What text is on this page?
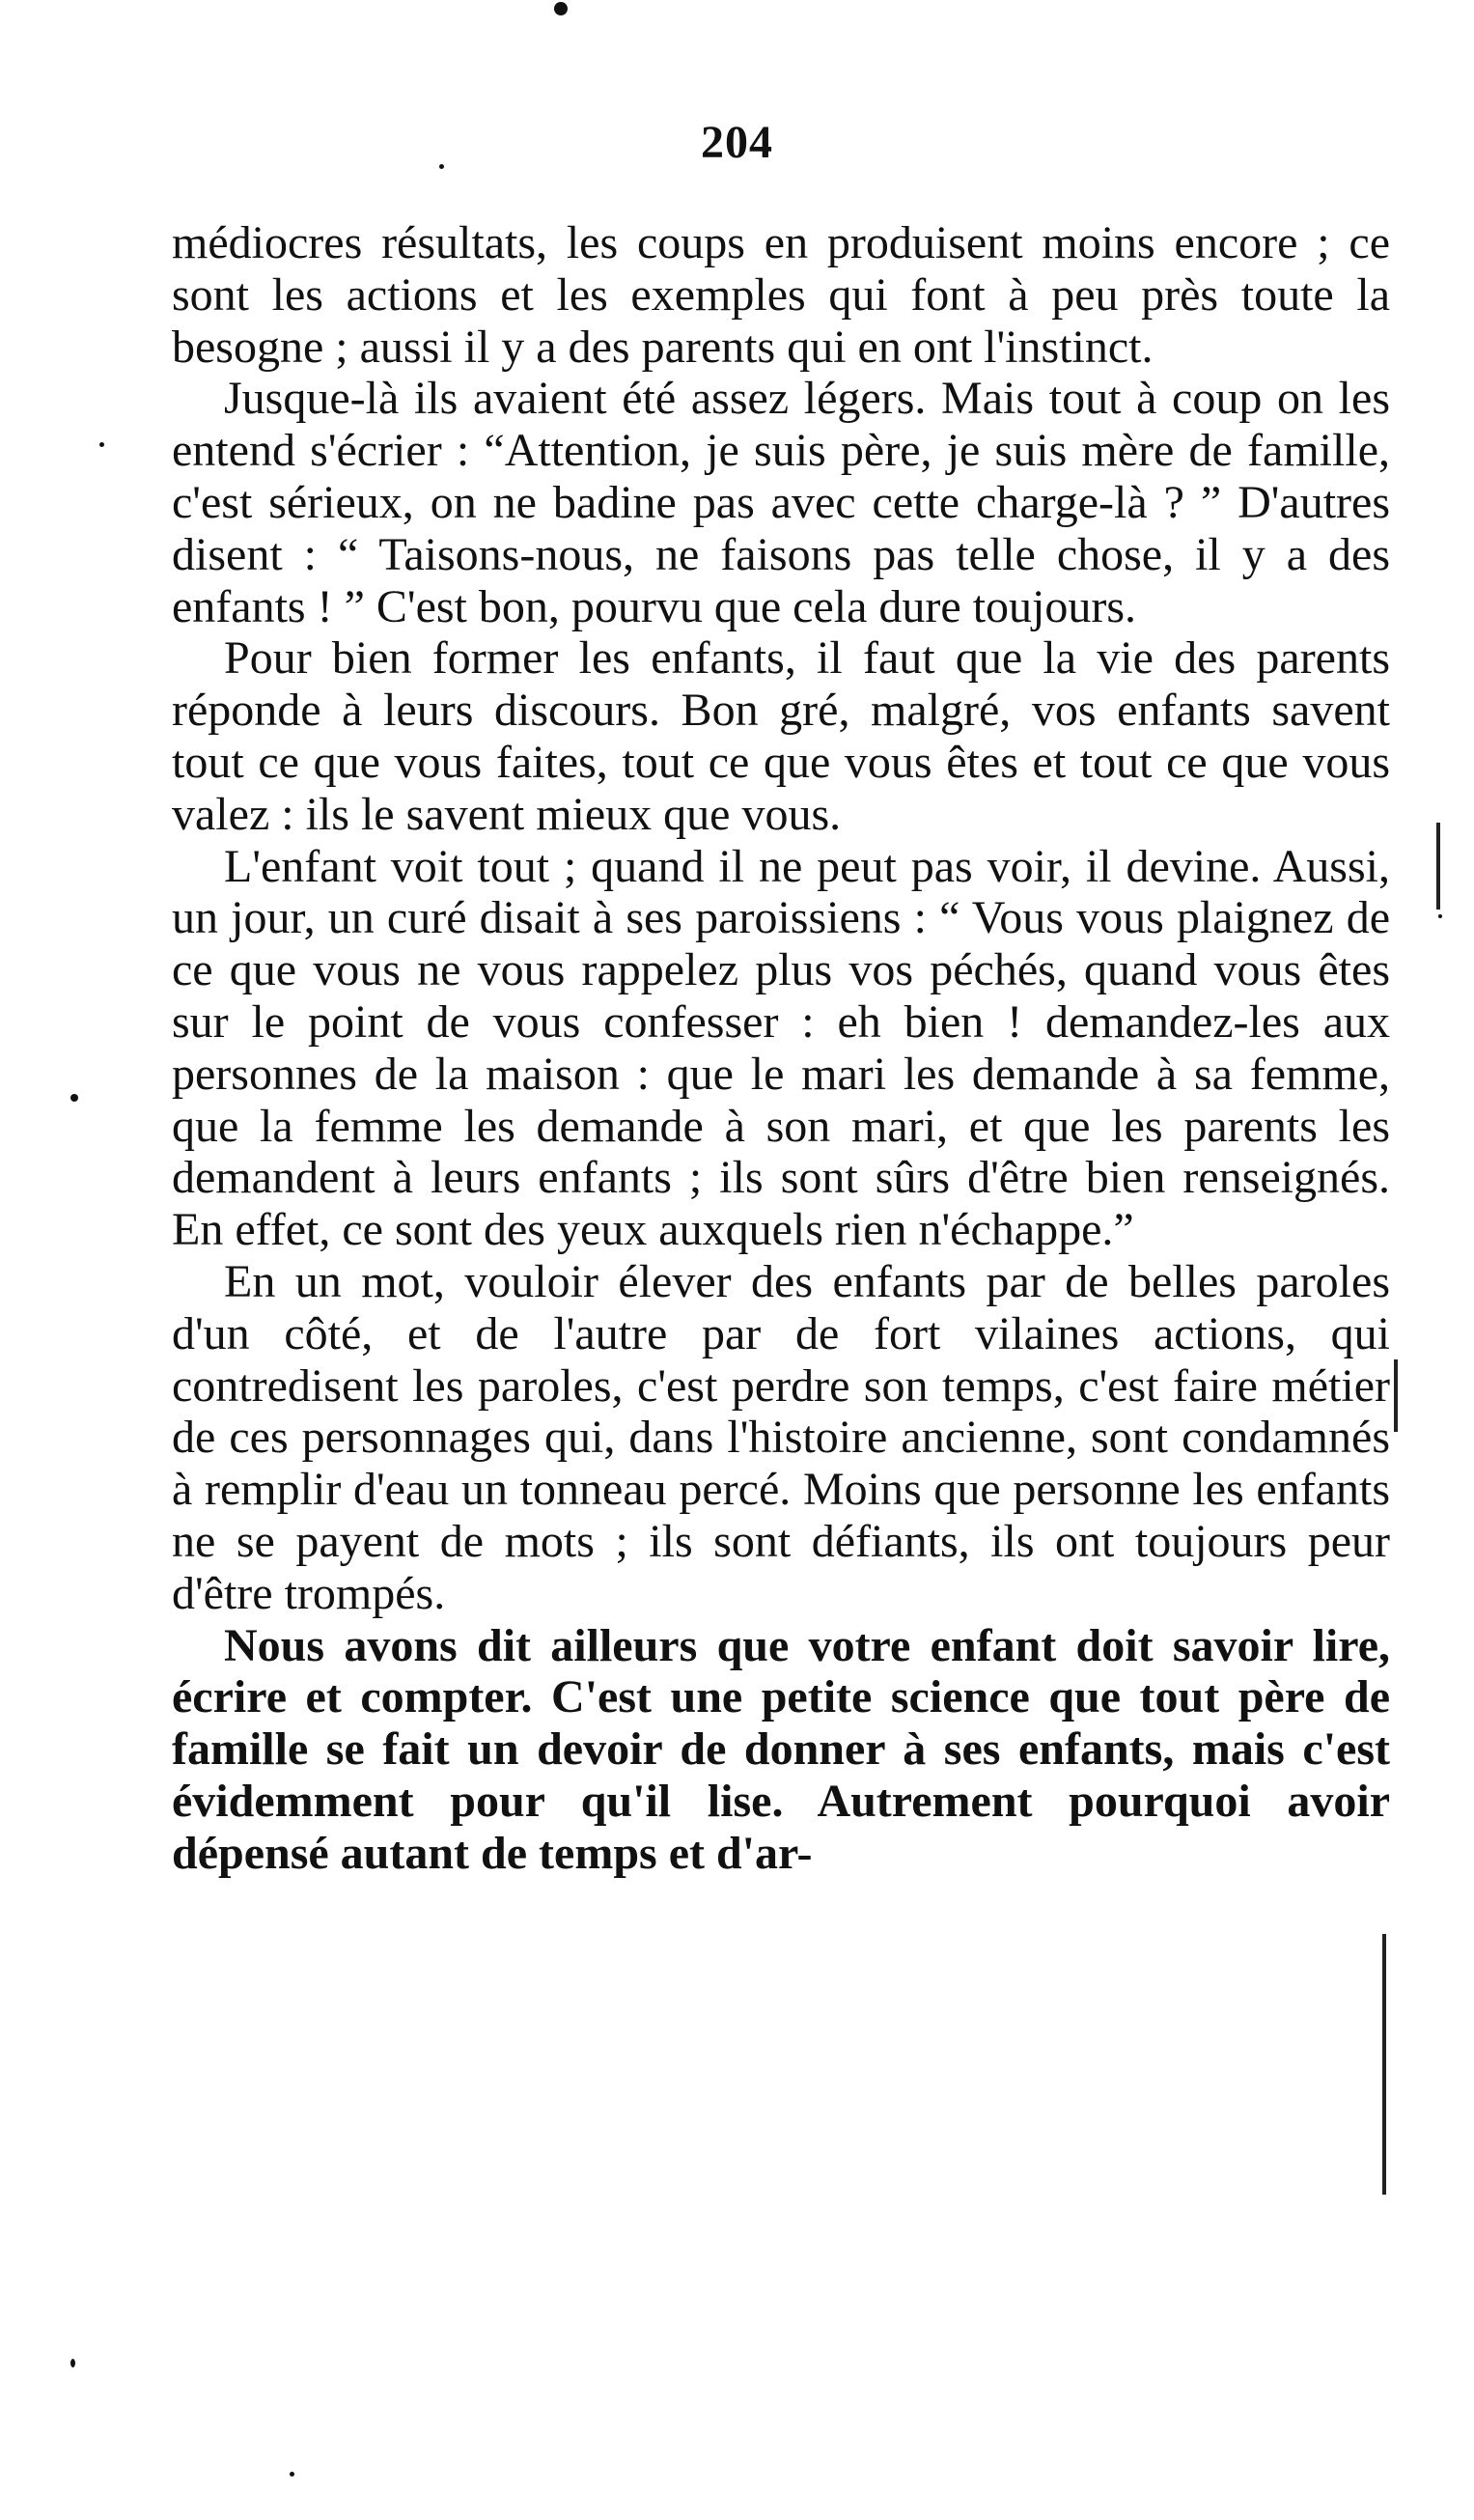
204

médiocres résultats, les coups en produisent moins encore ; ce sont les actions et les exemples qui font à peu près toute la besogne ; aussi il y a des parents qui en ont l'instinct.

Jusque-là ils avaient été assez légers. Mais tout à coup on les entend s'écrier : “Attention, je suis père, je suis mère de famille, c'est sérieux, on ne badine pas avec cette charge-là ? ” D'autres disent : “ Taisons-nous, ne faisons pas telle chose, il y a des enfants ! ” C'est bon, pourvu que cela dure toujours.

Pour bien former les enfants, il faut que la vie des parents réponde à leurs discours. Bon gré, malgré, vos enfants savent tout ce que vous faites, tout ce que vous êtes et tout ce que vous valez : ils le savent mieux que vous.

L'enfant voit tout ; quand il ne peut pas voir, il devine. Aussi, un jour, un curé disait à ses paroissiens : “ Vous vous plaignez de ce que vous ne vous rappelez plus vos péchés, quand vous êtes sur le point de vous confesser : eh bien ! demandez-les aux personnes de la maison : que le mari les demande à sa femme, que la femme les demande à son mari, et que les parents les demandent à leurs enfants ; ils sont sûrs d'être bien renseignés. En effet, ce sont des yeux auxquels rien n'échappe.”

En un mot, vouloir élever des enfants par de belles paroles d'un côté, et de l'autre par de fort vilaines actions, qui contredisent les paroles, c'est perdre son temps, c'est faire métier de ces personnages qui, dans l'histoire ancienne, sont condamnés à remplir d'eau un tonneau percé. Moins que personne les enfants ne se payent de mots ; ils sont défiants, ils ont toujours peur d'être trompés.

Nous avons dit ailleurs que votre enfant doit savoir lire, écrire et compter. C'est une petite science que tout père de famille se fait un devoir de donner à ses enfants, mais c'est évidemment pour qu'il lise. Autrement pourquoi avoir dépensé autant de temps et d'ar-
